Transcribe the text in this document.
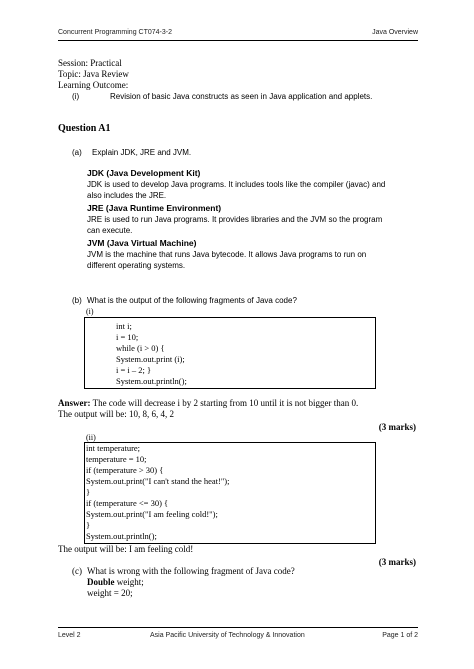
Concurrent Programming CT074-3-2	Java Overview
Session: Practical
Topic: Java Review
Learning Outcome:
(i)	Revision of basic Java constructs as seen in Java application and applets.
Question A1
(a) Explain JDK, JRE and JVM.
JDK (Java Development Kit)
JDK is used to develop Java programs. It includes tools like the compiler (javac) and
also includes the JRE.
JRE (Java Runtime Environment)
JRE is used to run Java programs. It provides libraries and the JVM so the program
can execute.
JVM (Java Virtual Machine)
JVM is the machine that runs Java bytecode. It allows Java programs to run on
different operating systems.
(b) What is the output of the following fragments of Java code?
(i)
int i;
i = 10;
while (i > 0) {
System.out.print (i);
i = i – 2; }
System.out.println();
Answer: The code will decrease i by 2 starting from 10 until it is not bigger than 0.
The output will be: 10, 8, 6, 4, 2
(3 marks)
(ii)
int temperature;
temperature = 10;
if (temperature > 30) {
System.out.print("I can't stand the heat!");
}
if (temperature <= 30) {
System.out.print("I am feeling cold!");
}
System.out.println();
The output will be: I am feeling cold!
(3 marks)
(c) What is wrong with the following fragment of Java code?
Double weight;
weight = 20;
Level 2	Asia Pacific University of Technology & Innovation	Page 1 of 2
